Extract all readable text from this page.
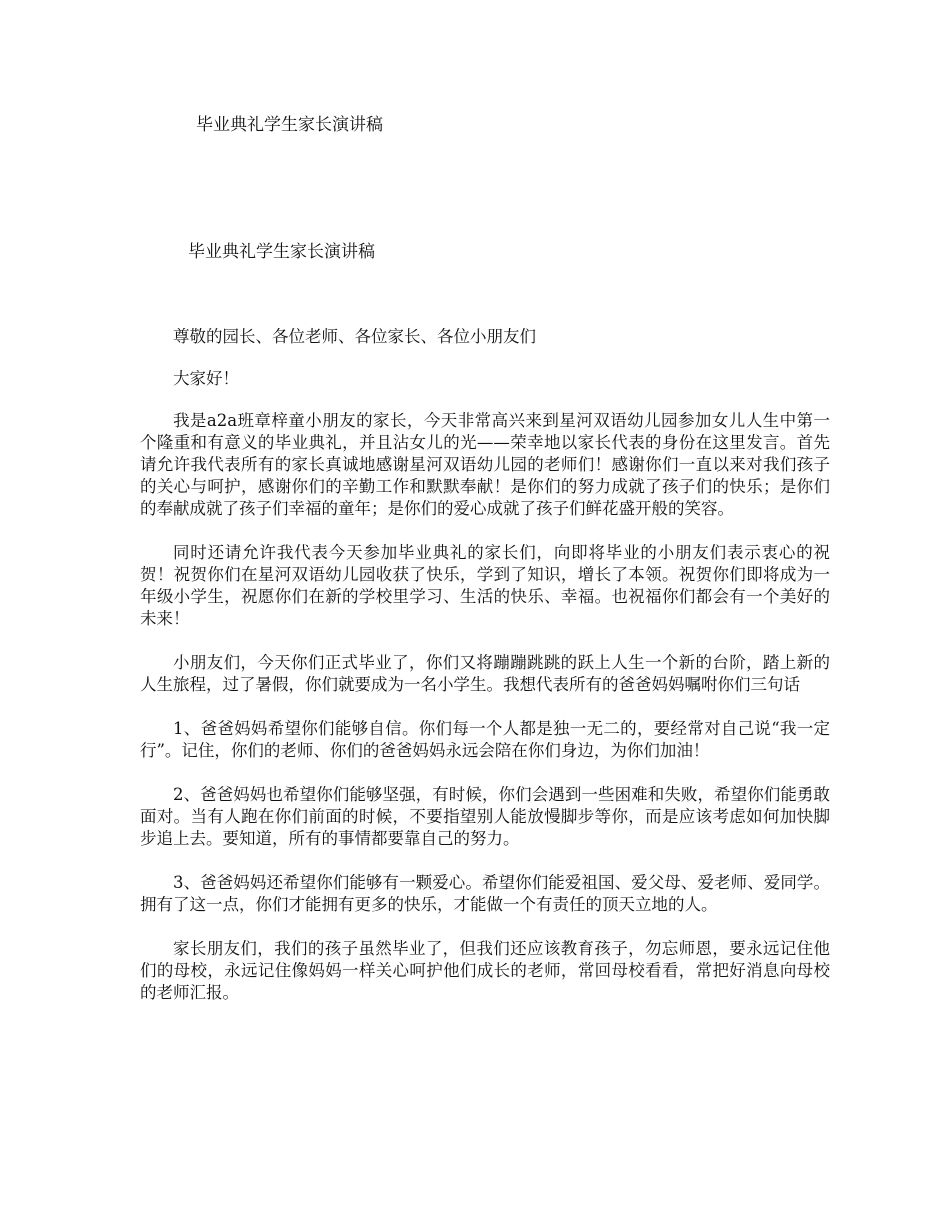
毕业典礼学生家长演讲稿
毕业典礼学生家长演讲稿

尊敬的园长、各位老师、各位家长、各位小朋友们

大家好！

我是a2a班章梓童小朋友的家长，今天非常高兴来到星河双语幼儿园参加女儿人生中第一个隆重和有意义的毕业典礼，并且沾女儿的光——荣幸地以家长代表的身份在这里发言。首先请允许我代表所有的家长真诚地感谢星河双语幼儿园的老师们！感谢你们一直以来对我们孩子的关心与呵护，感谢你们的辛勤工作和默默奉献！是你们的努力成就了孩子们的快乐；是你们的奉献成就了孩子们幸福的童年；是你们的爱心成就了孩子们鲜花盛开般的笑容。

同时还请允许我代表今天参加毕业典礼的家长们，向即将毕业的小朋友们表示衷心的祝贺！祝贺你们在星河双语幼儿园收获了快乐，学到了知识，增长了本领。祝贺你们即将成为一年级小学生，祝愿你们在新的学校里学习、生活的快乐、幸福。也祝福你们都会有一个美好的未来！

小朋友们，今天你们正式毕业了，你们又将蹦蹦跳跳的跃上人生一个新的台阶，踏上新的人生旅程，过了暑假，你们就要成为一名小学生。我想代表所有的爸爸妈妈嘱咐你们三句话

1、爸爸妈妈希望你们能够自信。你们每一个人都是独一无二的，要经常对自己说“我一定行”。记住，你们的老师、你们的爸爸妈妈永远会陪在你们身边，为你们加油！

2、爸爸妈妈也希望你们能够坚强，有时候，你们会遇到一些困难和失败，希望你们能勇敢面对。当有人跑在你们前面的时候，不要指望别人能放慢脚步等你，而是应该考虑如何加快脚步追上去。要知道，所有的事情都要靠自己的努力。

3、爸爸妈妈还希望你们能够有一颗爱心。希望你们能爱祖国、爱父母、爱老师、爱同学。拥有了这一点，你们才能拥有更多的快乐，才能做一个有责任的顶天立地的人。

家长朋友们，我们的孩子虽然毕业了，但我们还应该教育孩子，勿忘师恩，要永远记住他们的母校，永远记住像妈妈一样关心呵护他们成长的老师，常回母校看看，常把好消息向母校的老师汇报。
